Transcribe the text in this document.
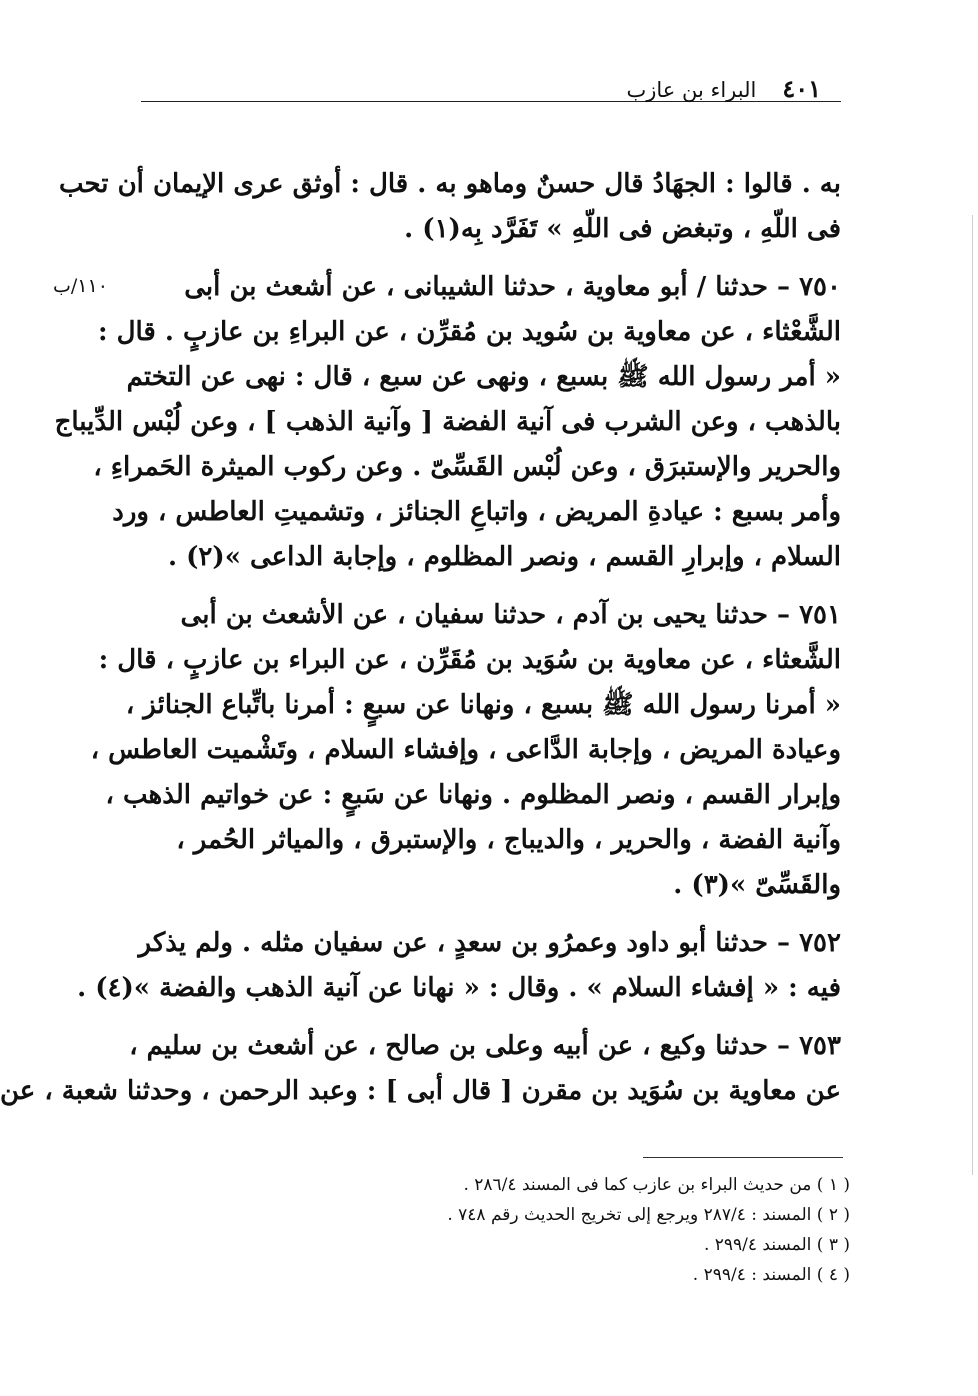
٤٠١
البراء بن عازب
به . قالوا : الجهَادُ قال حسنٌ وماهو به . قال : أوثق عرى الإيمان أن تحب
فى اللّهِ ، وتبغض فى اللّهِ » تَفَرَّد بِه(١) .
٧٥٠ – حدثنا / أبو معاوية ، حدثنا الشيبانى ، عن أشعث بن أبى
الشَّعْثاء ، عن معاوية بن سُويد بن مُقرِّن ، عن البراءِ بن عازبٍ . قال :
« أمر رسول الله ﷺ بسبع ، ونهى عن سبع ، قال : نهى عن التختم
بالذهب ، وعن الشرب فى آنية الفضة [ وآنية الذهب ] ، وعن لُبْس الدِّيباج
والحرير والإستبرَق ، وعن لُبْس القَسِّىّ . وعن ركوب الميثرة الحَمراءِ ،
وأمر بسبع : عيادةِ المريض ، واتباعِ الجنائز ، وتشميتِ العاطس ، ورد
السلام ، وإبرارِ القسم ، ونصر المظلوم ، وإجابة الداعى »(٢) .
٧٥١ – حدثنا يحيى بن آدم ، حدثنا سفيان ، عن الأشعث بن أبى
الشَّعثاء ، عن معاوية بن سُوَيد بن مُقَرِّن ، عن البراء بن عازبٍ ، قال :
« أمرنا رسول الله ﷺ بسبع ، ونهانا عن سبعٍ : أمرنا باتِّباع الجنائز ،
وعيادة المريض ، وإجابة الدَّاعى ، وإفشاء السلام ، وتَشْميت العاطس ،
وإبرار القسم ، ونصر المظلوم . ونهانا عن سَبعٍ : عن خواتيم الذهب ،
وآنية الفضة ، والحرير ، والديباج ، والإستبرق ، والمياثر الحُمر ،
والقَسِّىّ »(٣) .
٧٥٢ – حدثنا أبو داود وعمرُو بن سعدٍ ، عن سفيان مثله . ولم يذكر
فيه : « إفشاء السلام » . وقال : « نهانا عن آنية الذهب والفضة »(٤) .
٧٥٣ – حدثنا وكيع ، عن أبيه وعلى بن صالح ، عن أشعث بن سليم ،
عن معاوية بن سُوَيد بن مقرن [ قال أبى ] : وعبد الرحمن ، وحدثنا شعبة ، عن
١١٠/ب
( ١ ) من حديث البراء بن عازب كما فى المسند ٢٨٦/٤ .
( ٢ ) المسند : ٢٨٧/٤ ويرجع إلى تخريج الحديث رقم ٧٤٨ .
( ٣ ) المسند ٢٩٩/٤ .
( ٤ ) المسند : ٢٩٩/٤ .
